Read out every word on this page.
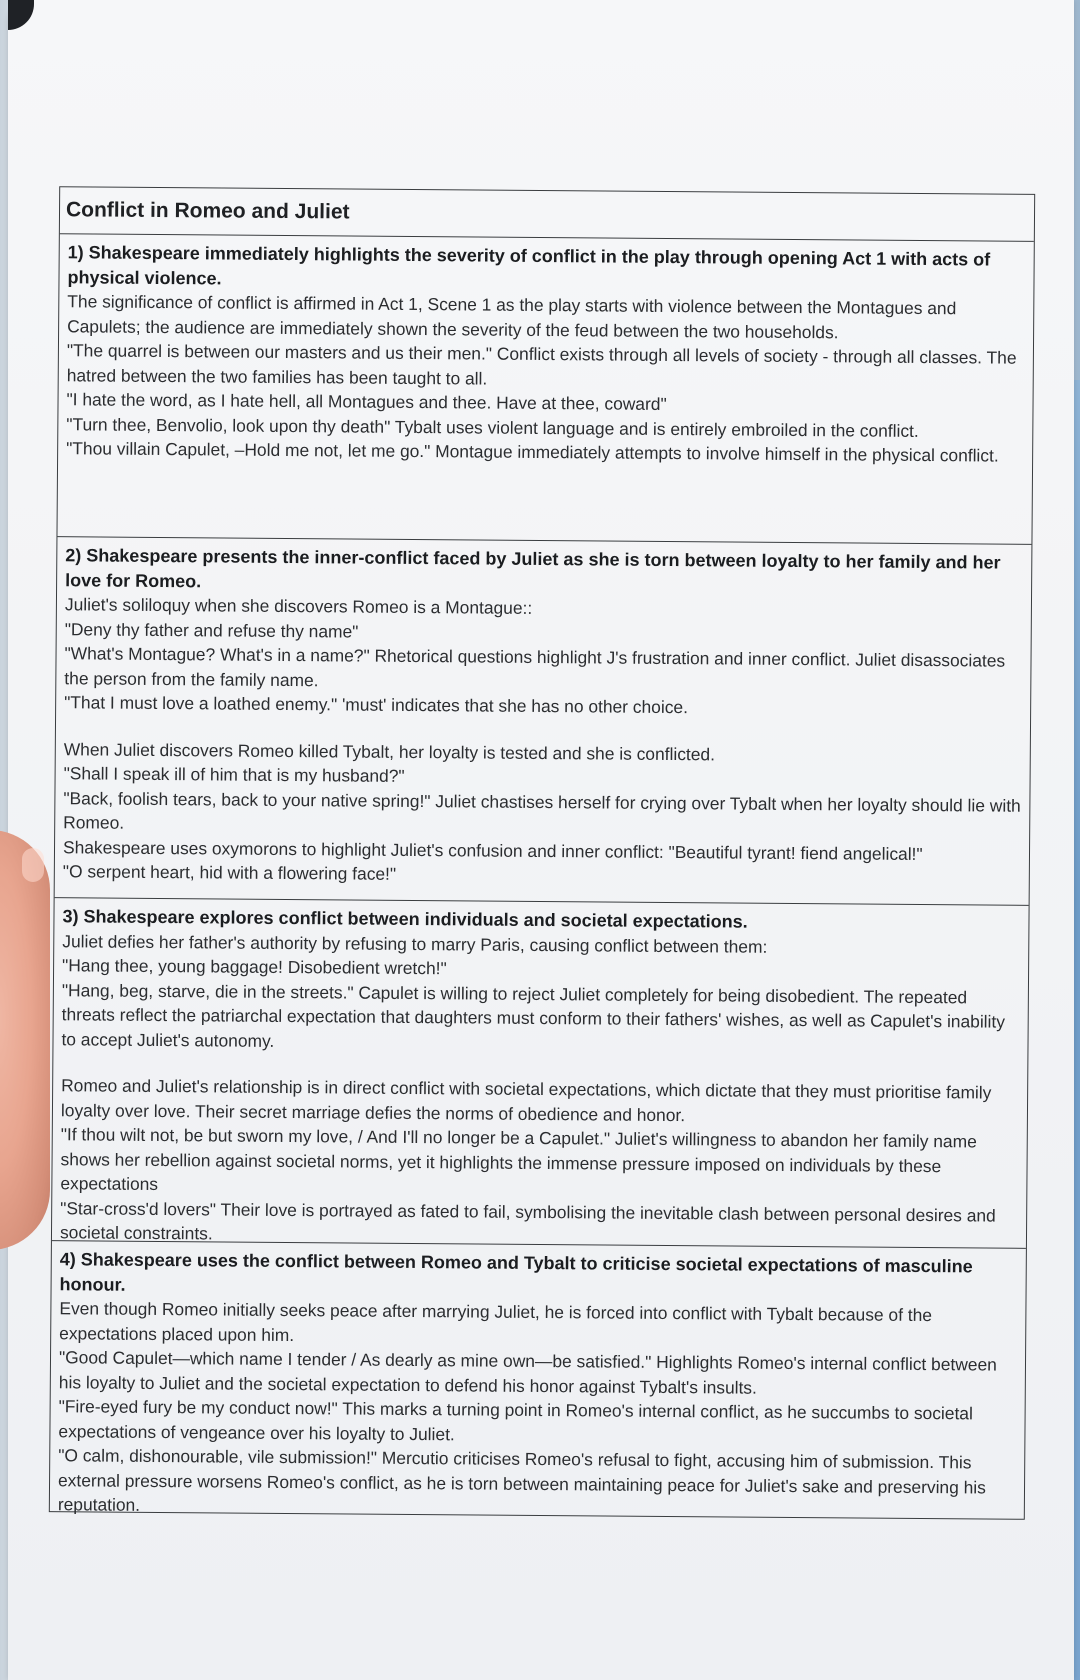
Conflict in Romeo and Juliet

1) Shakespeare immediately highlights the severity of conflict in the play through opening Act 1 with acts of physical violence.

The significance of conflict is affirmed in Act 1, Scene 1 as the play starts with violence between the Montagues and Capulets; the audience are immediately shown the severity of the feud between the two households.

"The quarrel is between our masters and us their men." Conflict exists through all levels of society - through all classes. The hatred between the two families has been taught to all.

"I hate the word, as I hate hell, all Montagues and thee. Have at thee, coward"

"Turn thee, Benvolio, look upon thy death" Tybalt uses violent language and is entirely embroiled in the conflict.

"Thou villain Capulet, –Hold me not, let me go." Montague immediately attempts to involve himself in the physical conflict.

2) Shakespeare presents the inner-conflict faced by Juliet as she is torn between loyalty to her family and her love for Romeo.

Juliet's soliloquy when she discovers Romeo is a Montague::

"Deny thy father and refuse thy name"

"What's Montague? What's in a name?" Rhetorical questions highlight J's frustration and inner conflict. Juliet disassociates the person from the family name.

"That I must love a loathed enemy." 'must' indicates that she has no other choice.

When Juliet discovers Romeo killed Tybalt, her loyalty is tested and she is conflicted.

"Shall I speak ill of him that is my husband?"

"Back, foolish tears, back to your native spring!" Juliet chastises herself for crying over Tybalt when her loyalty should lie with Romeo.

Shakespeare uses oxymorons to highlight Juliet's confusion and inner conflict: "Beautiful tyrant! fiend angelical!"

"O serpent heart, hid with a flowering face!"

3) Shakespeare explores conflict between individuals and societal expectations.

Juliet defies her father's authority by refusing to marry Paris, causing conflict between them:

"Hang thee, young baggage! Disobedient wretch!"

"Hang, beg, starve, die in the streets." Capulet is willing to reject Juliet completely for being disobedient. The repeated threats reflect the patriarchal expectation that daughters must conform to their fathers' wishes, as well as Capulet's inability to accept Juliet's autonomy.

Romeo and Juliet's relationship is in direct conflict with societal expectations, which dictate that they must prioritise family loyalty over love. Their secret marriage defies the norms of obedience and honor.

"If thou wilt not, be but sworn my love, / And I'll no longer be a Capulet." Juliet's willingness to abandon her family name shows her rebellion against societal norms, yet it highlights the immense pressure imposed on individuals by these expectations

"Star-cross'd lovers" Their love is portrayed as fated to fail, symbolising the inevitable clash between personal desires and societal constraints.

4) Shakespeare uses the conflict between Romeo and Tybalt to criticise societal expectations of masculine honour.

Even though Romeo initially seeks peace after marrying Juliet, he is forced into conflict with Tybalt because of the expectations placed upon him.

"Good Capulet—which name I tender / As dearly as mine own—be satisfied." Highlights Romeo's internal conflict between his loyalty to Juliet and the societal expectation to defend his honor against Tybalt's insults.

"Fire-eyed fury be my conduct now!" This marks a turning point in Romeo's internal conflict, as he succumbs to societal expectations of vengeance over his loyalty to Juliet.

"O calm, dishonourable, vile submission!" Mercutio criticises Romeo's refusal to fight, accusing him of submission. This external pressure worsens Romeo's conflict, as he is torn between maintaining peace for Juliet's sake and preserving his reputation.
